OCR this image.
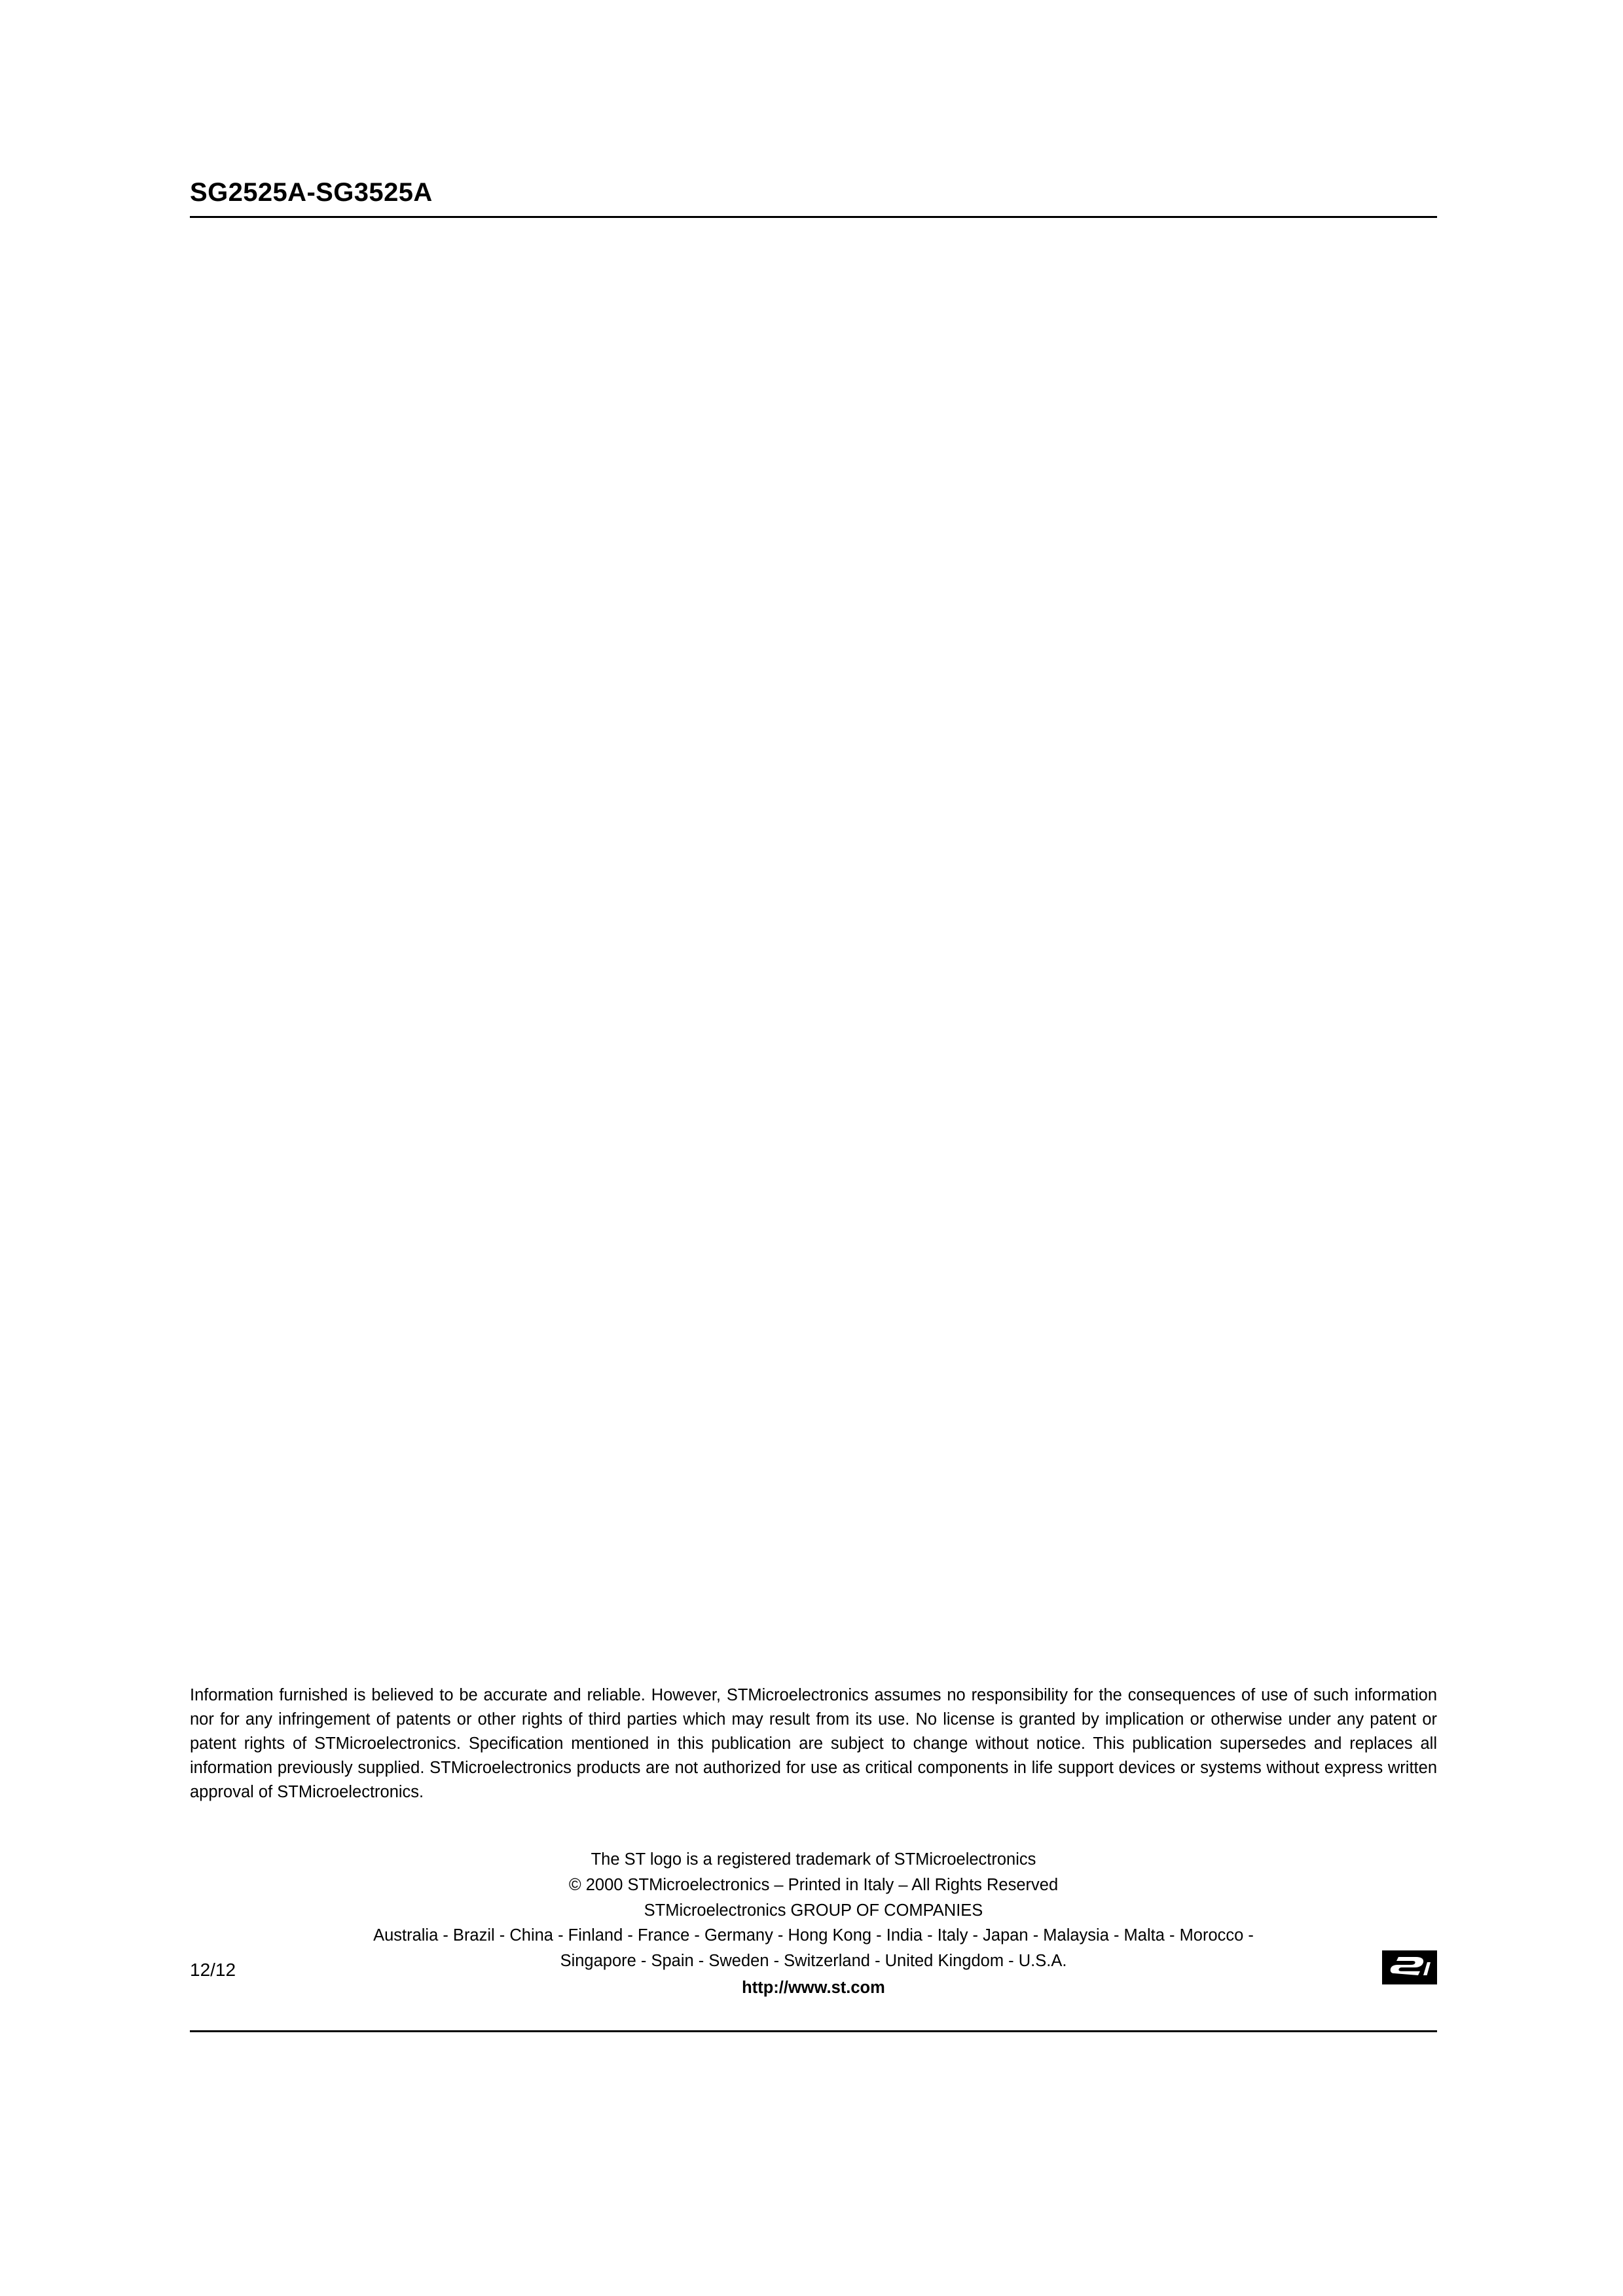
SG2525A-SG3525A

Information furnished is believed to be accurate and reliable. However, STMicroelectronics assumes no responsibility for the consequences of use of such information nor for any infringement of patents or other rights of third parties which may result from its use. No license is granted by implication or otherwise under any patent or patent rights of STMicroelectronics. Specification mentioned in this publication are subject to change without notice. This publication supersedes and replaces all information previously supplied. STMicroelectronics products are not authorized for use as critical components in life support devices or systems without express written approval of STMicroelectronics.

The ST logo is a registered trademark of STMicroelectronics
© 2000 STMicroelectronics – Printed in Italy – All Rights Reserved
STMicroelectronics GROUP OF COMPANIES
Australia - Brazil - China - Finland - France - Germany - Hong Kong - India - Italy - Japan - Malaysia - Malta - Morocco -
Singapore - Spain - Sweden - Switzerland - United Kingdom - U.S.A.
http://www.st.com
12/12
